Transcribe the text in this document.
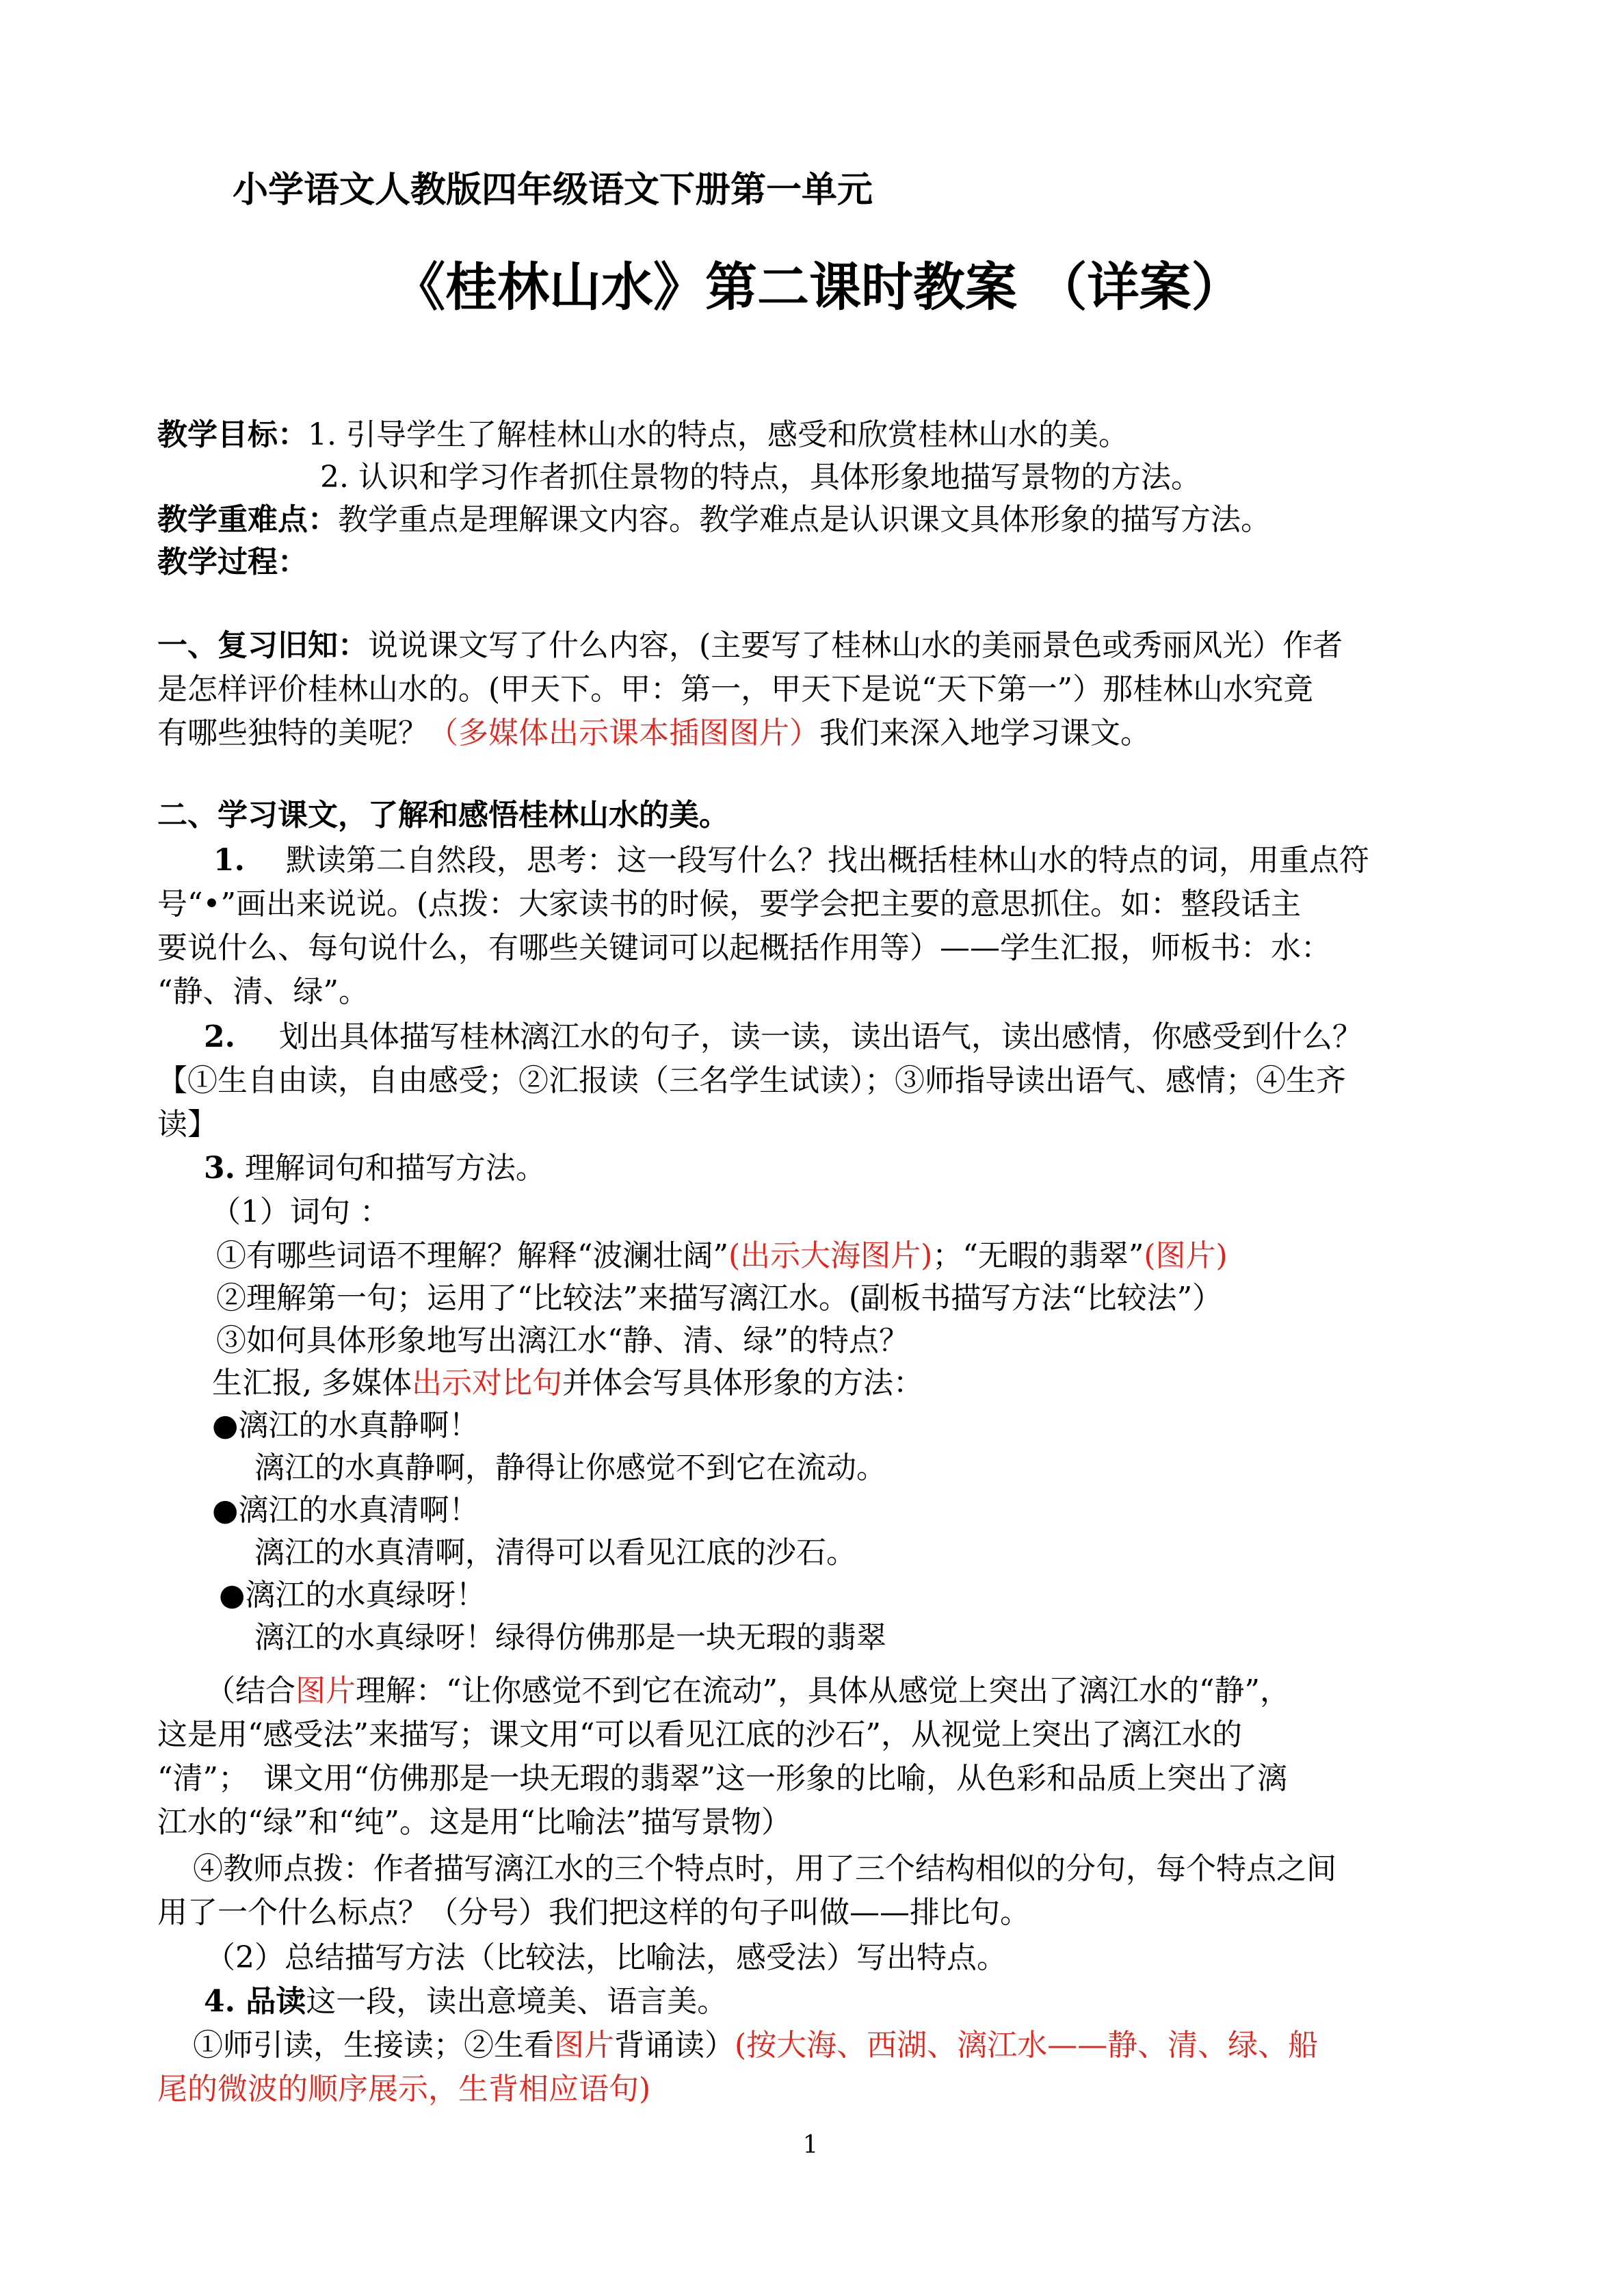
小学语文人教版四年级语文下册第一单元
《桂林山水》第二课时教案 （详案）
教学目标：1. 引导学生了解桂林山水的特点，感受和欣赏桂林山水的美。
2. 认识和学习作者抓住景物的特点，具体形象地描写景物的方法。
教学重难点：教学重点是理解课文内容。教学难点是认识课文具体形象的描写方法。
教学过程：
一、复习旧知：说说课文写了什么内容，(主要写了桂林山水的美丽景色或秀丽风光）作者
是怎样评价桂林山水的。(甲天下。甲：第一，甲天下是说“天下第一”）那桂林山水究竟
有哪些独特的美呢？（多媒体出示课本插图图片）我们来深入地学习课文。
二、学习课文，了解和感悟桂林山水的美。
1. 默读第二自然段，思考：这一段写什么？找出概括桂林山水的特点的词，用重点符
号“•”画出来说说。(点拨：大家读书的时候，要学会把主要的意思抓住。如：整段话主
要说什么、每句说什么，有哪些关键词可以起概括作用等）——学生汇报，师板书：水：
“静、清、绿”。
2. 划出具体描写桂林漓江水的句子，读一读，读出语气，读出感情，你感受到什么？
【①生自由读，自由感受；②汇报读（三名学生试读）；③师指导读出语气、感情；④生齐
读】
3. 理解词句和描写方法。
（1）词句 ：
①有哪些词语不理解？解释“波澜壮阔”(出示大海图片)；“无暇的翡翠”(图片)
②理解第一句；运用了“比较法”来描写漓江水。(副板书描写方法“比较法”）
③如何具体形象地写出漓江水“静、清、绿”的特点？
生汇报, 多媒体出示对比句并体会写具体形象的方法：
●漓江的水真静啊！
漓江的水真静啊，静得让你感觉不到它在流动。
●漓江的水真清啊！
漓江的水真清啊，清得可以看见江底的沙石。
●漓江的水真绿呀！
漓江的水真绿呀！绿得仿佛那是一块无瑕的翡翠
（结合图片理解：“让你感觉不到它在流动”，具体从感觉上突出了漓江水的“静”，
这是用“感受法”来描写；课文用“可以看见江底的沙石”，从视觉上突出了漓江水的
“清”；　课文用“仿佛那是一块无瑕的翡翠”这一形象的比喻，从色彩和品质上突出了漓
江水的“绿”和“纯”。这是用“比喻法”描写景物）
④教师点拨：作者描写漓江水的三个特点时，用了三个结构相似的分句，每个特点之间
用了一个什么标点？（分号）我们把这样的句子叫做——排比句。
（2）总结描写方法（比较法，比喻法，感受法）写出特点。
4. 品读这一段，读出意境美、语言美。
①师引读，生接读；②生看图片背诵读）(按大海、西湖、漓江水——静、清、绿、船
尾的微波的顺序展示，生背相应语句)
1
